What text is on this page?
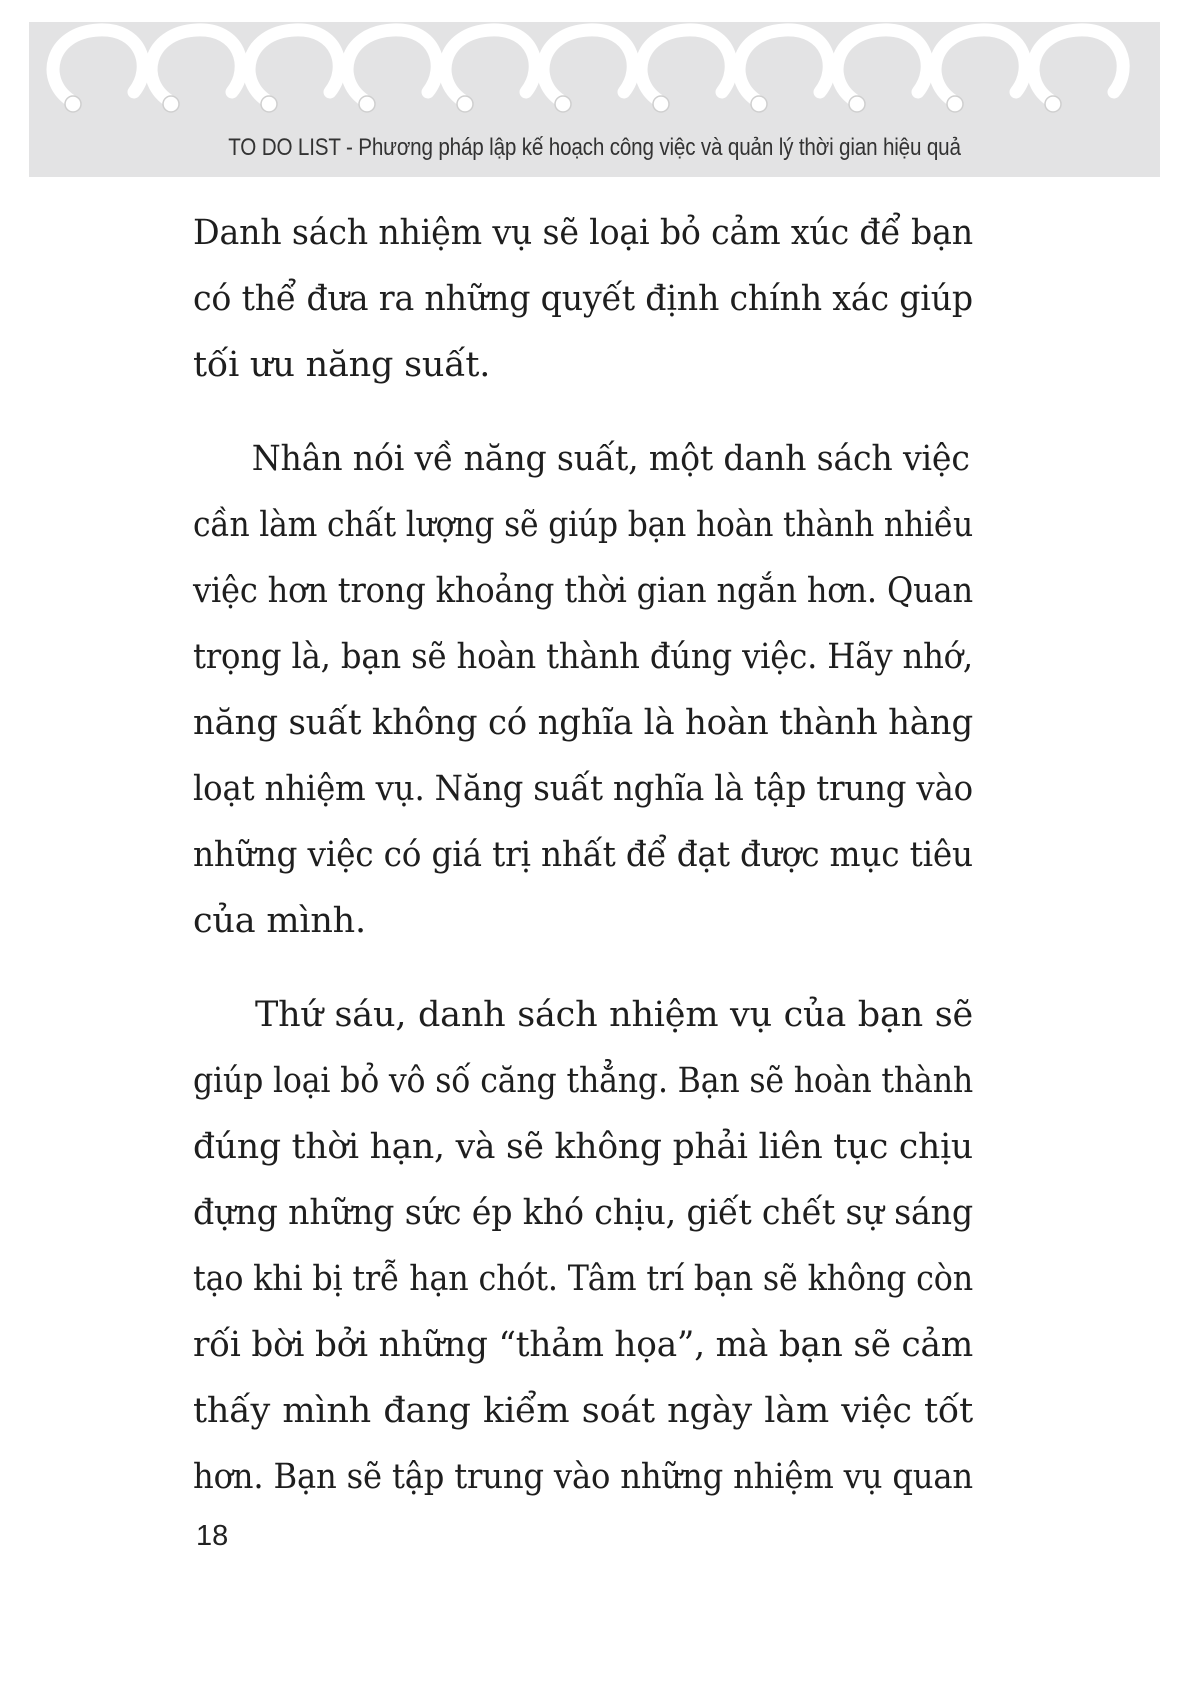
TO DO LIST - Phương pháp lập kế hoạch công việc và quản lý thời gian hiệu quả

Danh sách nhiệm vụ sẽ loại bỏ cảm xúc để bạn
có thể đưa ra những quyết định chính xác giúp
tối ưu năng suất.

Nhân nói về năng suất, một danh sách việc
cần làm chất lượng sẽ giúp bạn hoàn thành nhiều
việc hơn trong khoảng thời gian ngắn hơn. Quan
trọng là, bạn sẽ hoàn thành đúng việc. Hãy nhớ,
năng suất không có nghĩa là hoàn thành hàng
loạt nhiệm vụ. Năng suất nghĩa là tập trung vào
những việc có giá trị nhất để đạt được mục tiêu
của mình.

Thứ sáu, danh sách nhiệm vụ của bạn sẽ
giúp loại bỏ vô số căng thẳng. Bạn sẽ hoàn thành
đúng thời hạn, và sẽ không phải liên tục chịu
đựng những sức ép khó chịu, giết chết sự sáng
tạo khi bị trễ hạn chót. Tâm trí bạn sẽ không còn
rối bời bởi những “thảm họa”, mà bạn sẽ cảm
thấy mình đang kiểm soát ngày làm việc tốt
hơn. Bạn sẽ tập trung vào những nhiệm vụ quan

18
